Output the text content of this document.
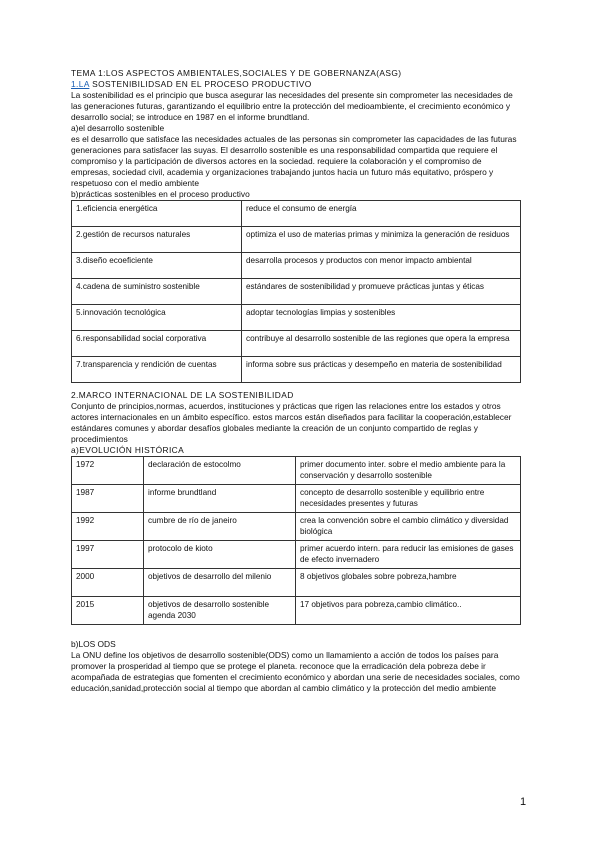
TEMA 1:LOS ASPECTOS AMBIENTALES,SOCIALES Y DE GOBERNANZA(ASG)

1.LA SOSTENIBILIDSAD EN EL PROCESO PRODUCTIVO

La sostenibilidad es el principio que busca asegurar las necesidades del presente sin comprometer las necesidades de las generaciones futuras, garantizando el equilibrio entre la protección del medioambiente, el crecimiento económico y desarrollo social; se introduce en 1987 en el informe brundtland.

a)el desarrollo sostenible

es el desarrollo que satisface las necesidades actuales de las personas sin comprometer las capacidades de las futuras generaciones para satisfacer las suyas. El desarrollo sostenible es una responsabilidad compartida que requiere el compromiso y la participación de diversos actores en la sociedad. requiere la colaboración y el compromiso de empresas, sociedad civil, academia y organizaciones trabajando juntos hacia un futuro más equitativo, próspero y respetuoso con el medio ambiente

b)prácticas sostenibles en el proceso productivo

1.eficiencia energética	reduce el consumo de energía
2.gestión de recursos naturales	optimiza el uso de materias primas y minimiza la generación de residuos
3.diseño ecoeficiente	desarrolla procesos y productos con menor impacto ambiental
4.cadena de suministro sostenible	estándares de sostenibilidad y promueve prácticas juntas y éticas
5.innovación tecnológica	adoptar tecnologías limpias y sostenibles
6.responsabilidad social corporativa	contribuye al desarrollo sostenible de las regiones que opera la empresa
7.transparencia y rendición de cuentas	informa sobre sus prácticas y desempeño en materia de sostenibilidad

2.MARCO INTERNACIONAL DE LA SOSTENIBILIDAD

Conjunto de principios,normas, acuerdos, instituciones y prácticas que rigen las relaciones entre los estados y otros actores internacionales en un ámbito específico. estos marcos están diseñados para facilitar la cooperación,establecer estándares comunes y abordar desafíos globales mediante la creación de un conjunto compartido de reglas y procedimientos

a)EVOLUCIÓN HISTÓRICA

1972	declaración de estocolmo	primer documento inter. sobre el medio ambiente para la conservación y desarrollo sostenible
1987	informe brundtland	concepto de desarrollo sostenible y equilibrio entre necesidades presentes y futuras
1992	cumbre de río de janeiro	crea la convención sobre el cambio climático y diversidad biológica
1997	protocolo de kioto	primer acuerdo intern. para reducir las emisiones de gases de efecto invernadero
2000	objetivos de desarrollo del milenio	8 objetivos globales sobre pobreza,hambre
2015	objetivos de desarrollo sostenible agenda 2030	17 objetivos para pobreza,cambio climático..

b)LOS ODS

La ONU define los objetivos de desarrollo sostenible(ODS) como un llamamiento a acción de todos los países para promover la prosperidad al tiempo que se protege el planeta. reconoce que la erradicación dela pobreza debe ir acompañada de estrategias que fomenten el crecimiento económico y abordan una serie de necesidades sociales, como educación,sanidad,protección social al tiempo que abordan al cambio climático y la protección del medio ambiente

1
